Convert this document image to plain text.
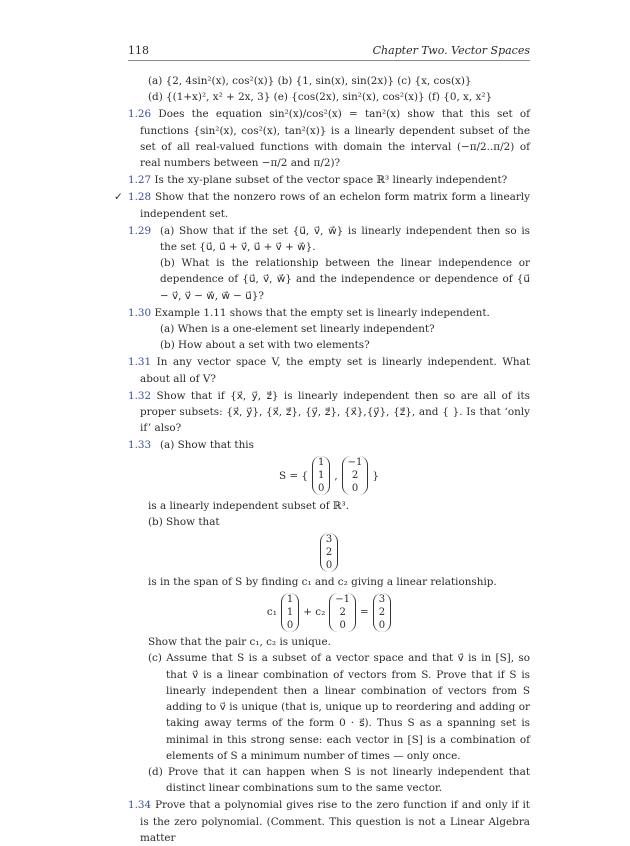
118	Chapter Two. Vector Spaces
(a) {2, 4sin²(x), cos²(x)} (b) {1, sin(x), sin(2x)} (c) {x, cos(x)}
(d) {(1+x)², x² + 2x, 3} (e) {cos(2x), sin²(x), cos²(x)} (f) {0, x, x²}
1.26 Does the equation sin²(x)/cos²(x) = tan²(x) show that this set of functions {sin²(x), cos²(x), tan²(x)} is a linearly dependent subset of the set of all real-valued functions with domain the interval (−π/2..π/2) of real numbers between −π/2 and π/2)?
1.27 Is the xy-plane subset of the vector space ℝ³ linearly independent?
✓ 1.28 Show that the nonzero rows of an echelon form matrix form a linearly independent set.
1.29 (a) Show that if the set {u⃗, v⃗, w⃗} is linearly independent then so is the set {u⃗, u⃗ + v⃗, u⃗ + v⃗ + w⃗}.
(b) What is the relationship between the linear independence or dependence of {u⃗, v⃗, w⃗} and the independence or dependence of {u⃗ − v⃗, v⃗ − w⃗, w⃗ − u⃗}?
1.30 Example 1.11 shows that the empty set is linearly independent.
(a) When is a one-element set linearly independent?
(b) How about a set with two elements?
1.31 In any vector space V, the empty set is linearly independent. What about all of V?
1.32 Show that if {x⃗, y⃗, z⃗} is linearly independent then so are all of its proper subsets: {x⃗, y⃗}, {x⃗, z⃗}, {y⃗, z⃗}, {x⃗},{y⃗}, {z⃗}, and { }. Is that ‘only if’ also?
1.33 (a) Show that this
S = {
1
1
0
,
−1
2
0
}
is a linearly independent subset of ℝ³.
(b) Show that
3
2
0
is in the span of S by finding c₁ and c₂ giving a linear relationship.
c₁
1
1
0
+ c₂
−1
2
0
=
3
2
0
Show that the pair c₁, c₂ is unique.
(c) Assume that S is a subset of a vector space and that v⃗ is in [S], so that v⃗ is a linear combination of vectors from S. Prove that if S is linearly independent then a linear combination of vectors from S adding to v⃗ is unique (that is, unique up to reordering and adding or taking away terms of the form 0 · s⃗). Thus S as a spanning set is minimal in this strong sense: each vector in [S] is a combination of elements of S a minimum number of times — only once.
(d) Prove that it can happen when S is not linearly independent that distinct linear combinations sum to the same vector.
1.34 Prove that a polynomial gives rise to the zero function if and only if it is the zero polynomial. (Comment. This question is not a Linear Algebra matter
